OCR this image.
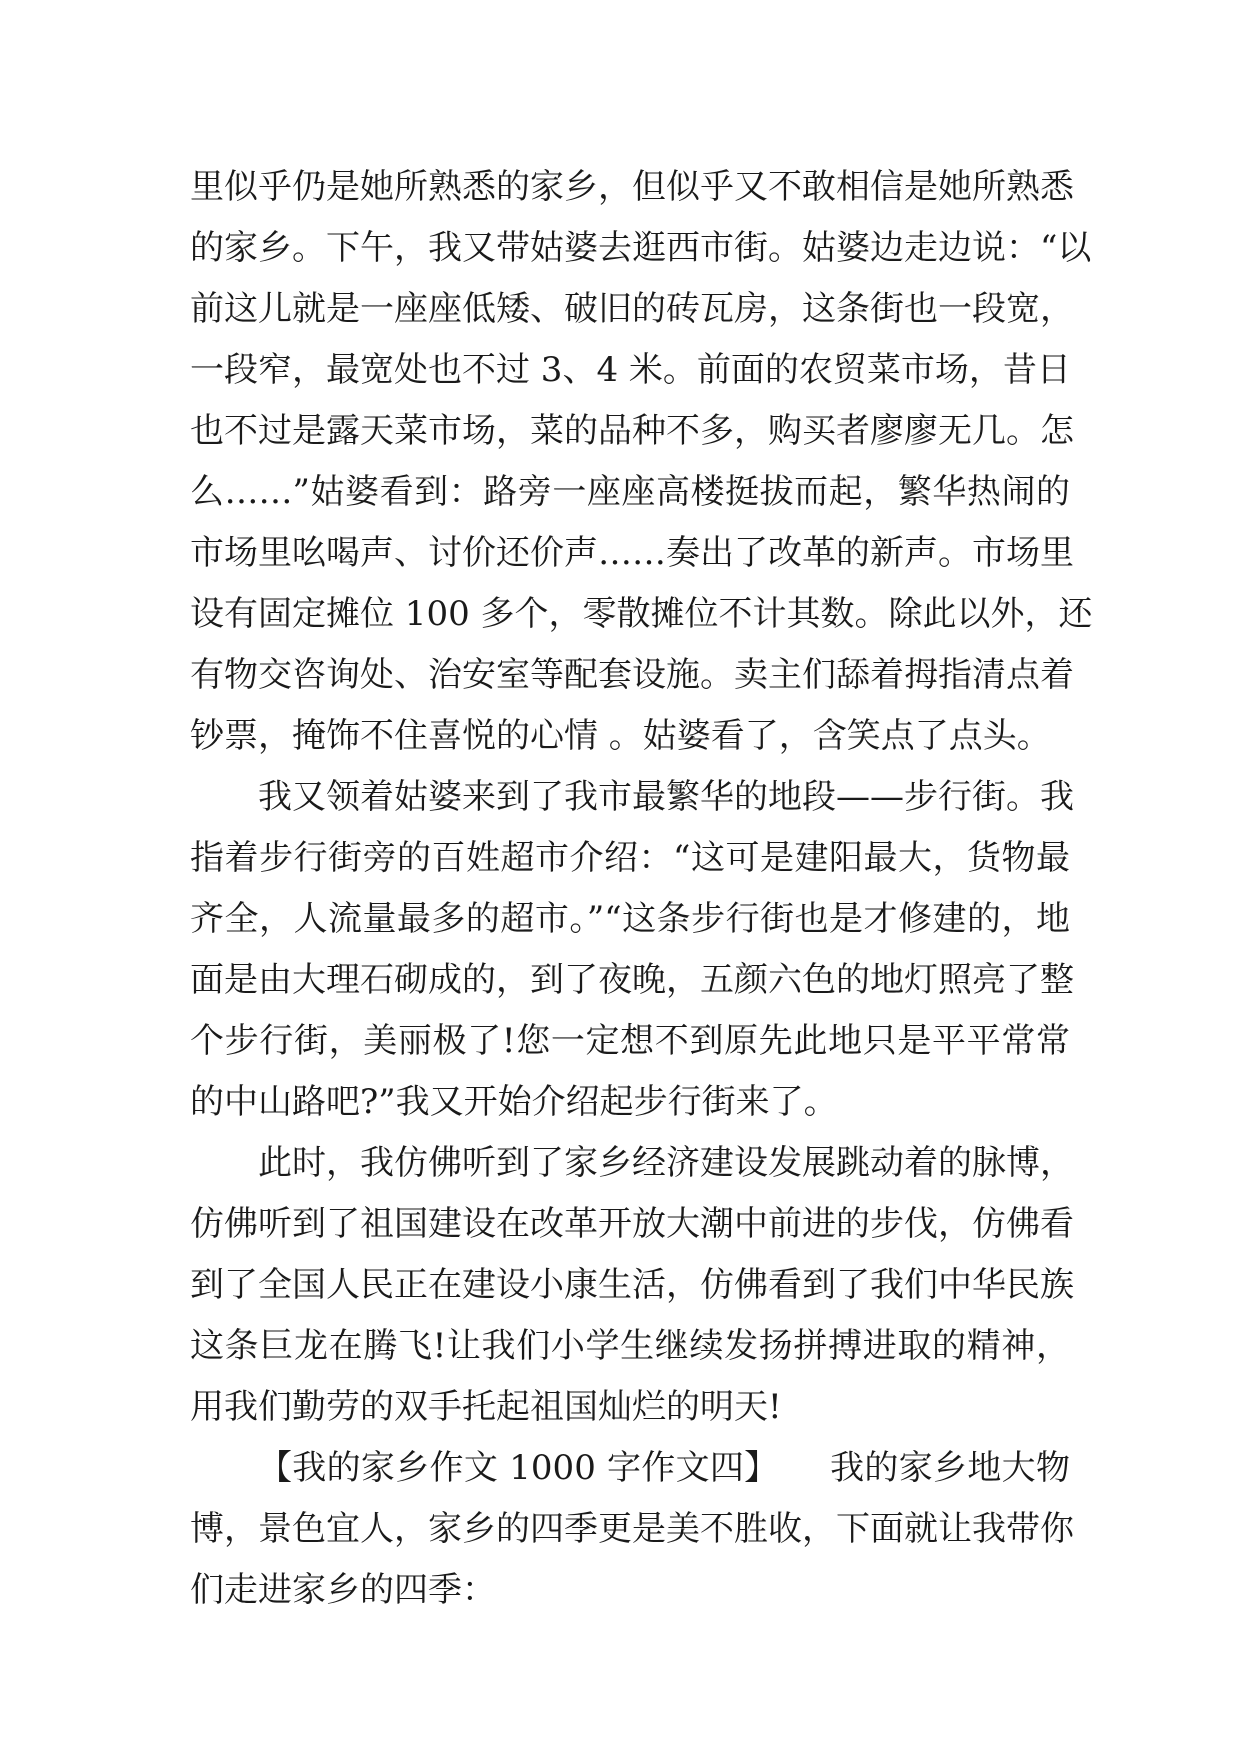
里似乎仍是她所熟悉的家乡，但似乎又不敢相信是她所熟悉
的家乡。下午，我又带姑婆去逛西市街。姑婆边走边说：“以
前这儿就是一座座低矮、破旧的砖瓦房，这条街也一段宽，
一段窄，最宽处也不过 3、4 米。前面的农贸菜市场，昔日
也不过是露天菜市场，菜的品种不多，购买者廖廖无几。怎
么……”姑婆看到：路旁一座座高楼挺拔而起，繁华热闹的
市场里吆喝声、讨价还价声……奏出了改革的新声。市场里
设有固定摊位 100 多个，零散摊位不计其数。除此以外，还
有物交咨询处、治安室等配套设施。卖主们舔着拇指清点着
钞票，掩饰不住喜悦的心情 。姑婆看了，含笑点了点头。
我又领着姑婆来到了我市最繁华的地段——步行街。我
指着步行街旁的百姓超市介绍：“这可是建阳最大，货物最
齐全，人流量最多的超市。”“这条步行街也是才修建的，地
面是由大理石砌成的，到了夜晚，五颜六色的地灯照亮了整
个步行街，美丽极了!您一定想不到原先此地只是平平常常
的中山路吧?”我又开始介绍起步行街来了。
此时，我仿佛听到了家乡经济建设发展跳动着的脉博，
仿佛听到了祖国建设在改革开放大潮中前进的步伐，仿佛看
到了全国人民正在建设小康生活，仿佛看到了我们中华民族
这条巨龙在腾飞!让我们小学生继续发扬拼搏进取的精神，
用我们勤劳的双手托起祖国灿烂的明天!
【我的家乡作文 1000 字作文四】　　我的家乡地大物
博，景色宜人，家乡的四季更是美不胜收，下面就让我带你
们走进家乡的四季：
